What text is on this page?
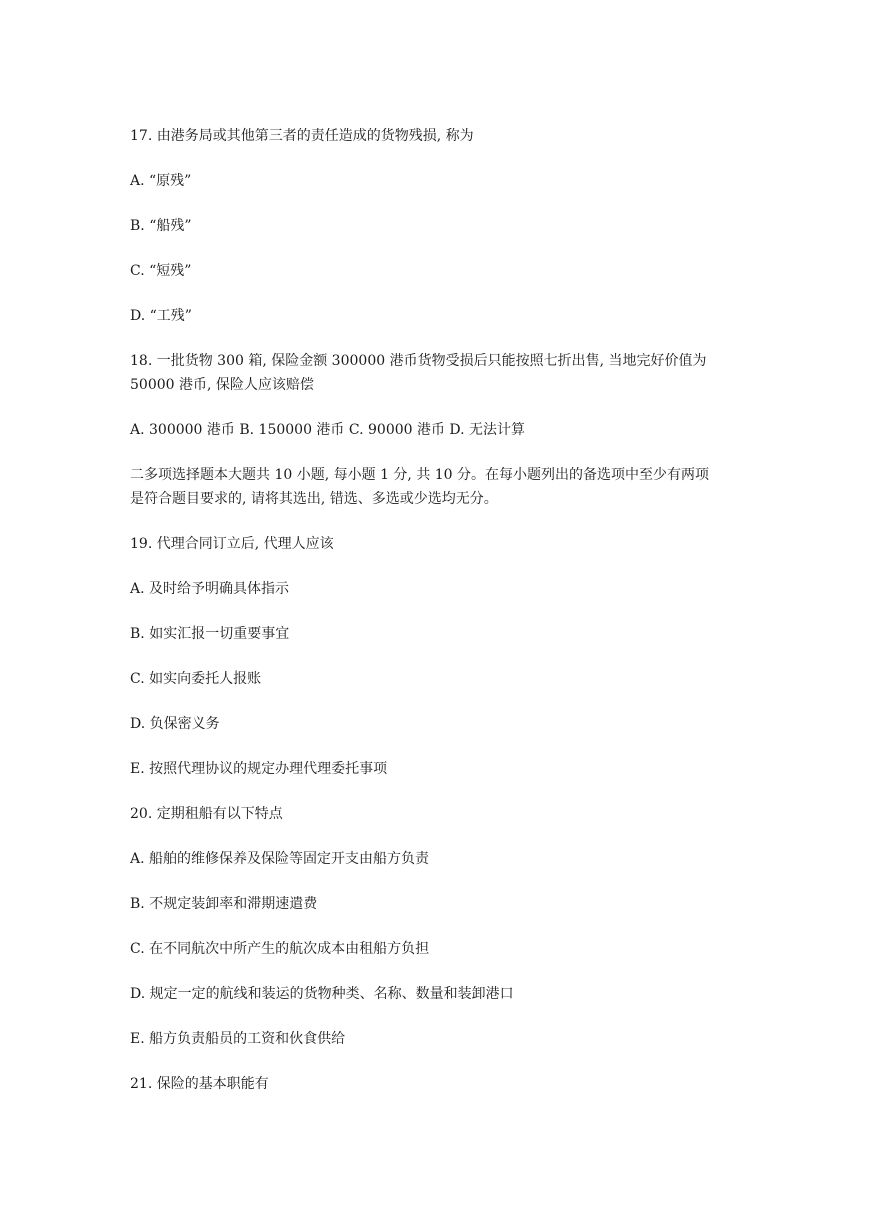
17. 由港务局或其他第三者的责任造成的货物残损, 称为

A. “原残”

B. “船残”

C. “短残”

D. “工残”

18. 一批货物 300 箱, 保险金额 300000 港币货物受损后只能按照七折出售, 当地完好价值为

50000 港币, 保险人应该赔偿

A. 300000 港币 B. 150000 港币 C. 90000 港币 D. 无法计算

二多项选择题本大题共 10 小题, 每小题 1 分, 共 10 分。在每小题列出的备选项中至少有两项

是符合题目要求的, 请将其选出, 错选、多选或少选均无分。

19. 代理合同订立后, 代理人应该

A. 及时给予明确具体指示

B. 如实汇报一切重要事宜

C. 如实向委托人报账

D. 负保密义务

E. 按照代理协议的规定办理代理委托事项

20. 定期租船有以下特点

A. 船舶的维修保养及保险等固定开支由船方负责

B. 不规定装卸率和滞期速遣费

C. 在不同航次中所产生的航次成本由租船方负担

D. 规定一定的航线和装运的货物种类、名称、数量和装卸港口

E. 船方负责船员的工资和伙食供给

21. 保险的基本职能有
